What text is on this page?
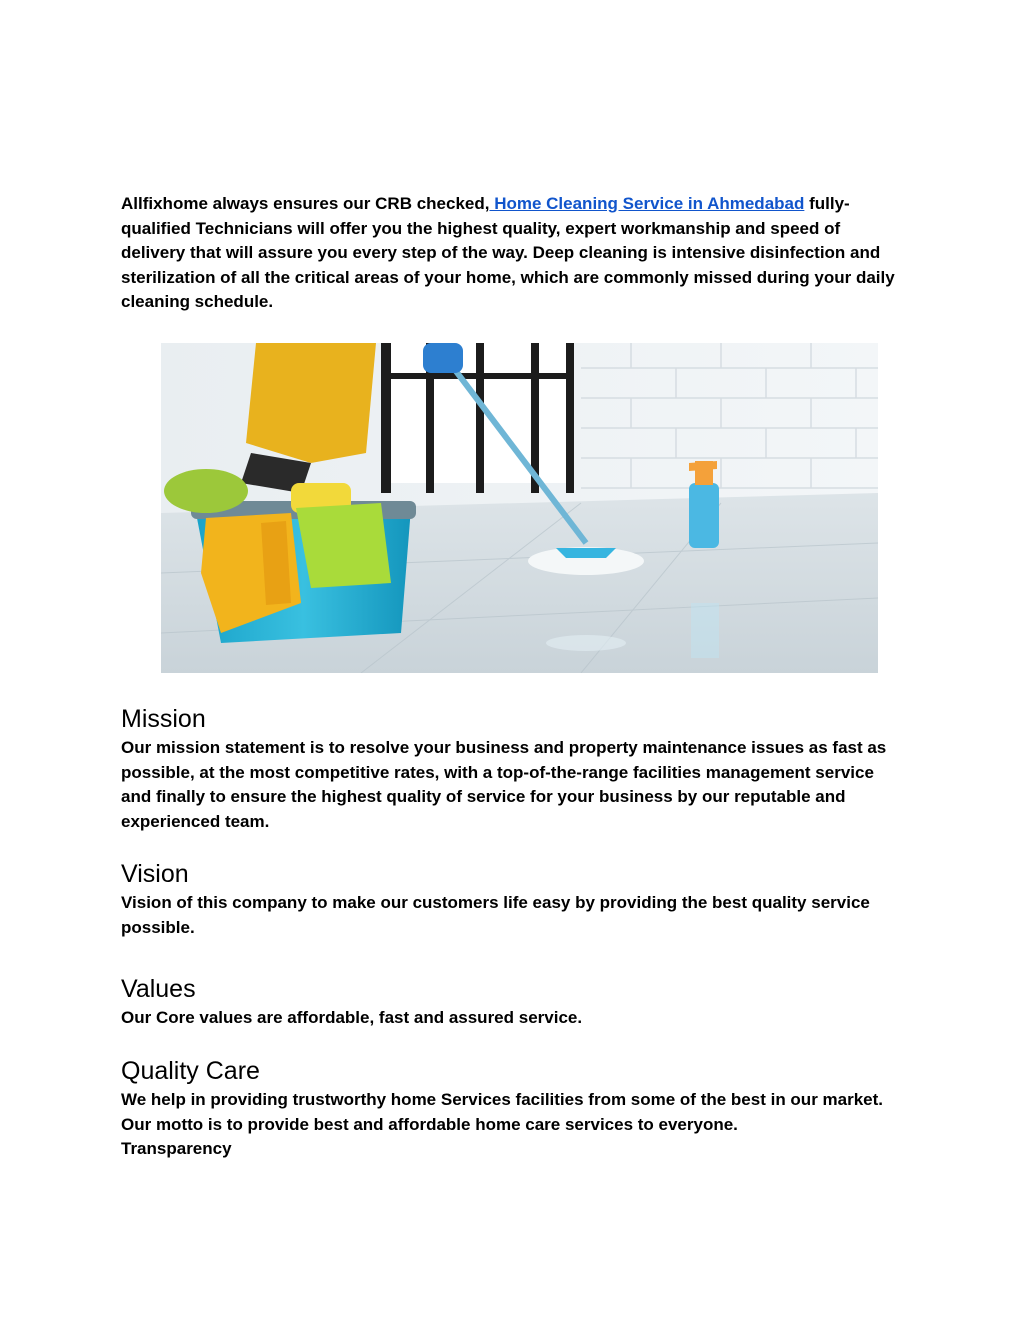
Allfixhome always ensures our CRB checked, Home Cleaning Service in Ahmedabad fully-qualified Technicians will offer you the highest quality, expert workmanship and speed of delivery that will assure you every step of the way. Deep cleaning is intensive disinfection and sterilization of all the critical areas of your home, which are commonly missed during your daily cleaning schedule.

Mission

Our mission statement is to resolve your business and property maintenance issues as fast as possible, at the most competitive rates, with a top-of-the-range facilities management service and finally to ensure the highest quality of service for your business by our reputable and experienced team.

Vision

Vision of this company to make our customers life easy by providing the best quality service possible.

Values

Our Core values are affordable, fast and assured service.

Quality Care

We help in providing trustworthy home Services facilities from some of the best in our market. Our motto is to provide best and affordable home care services to everyone.
Transparency
